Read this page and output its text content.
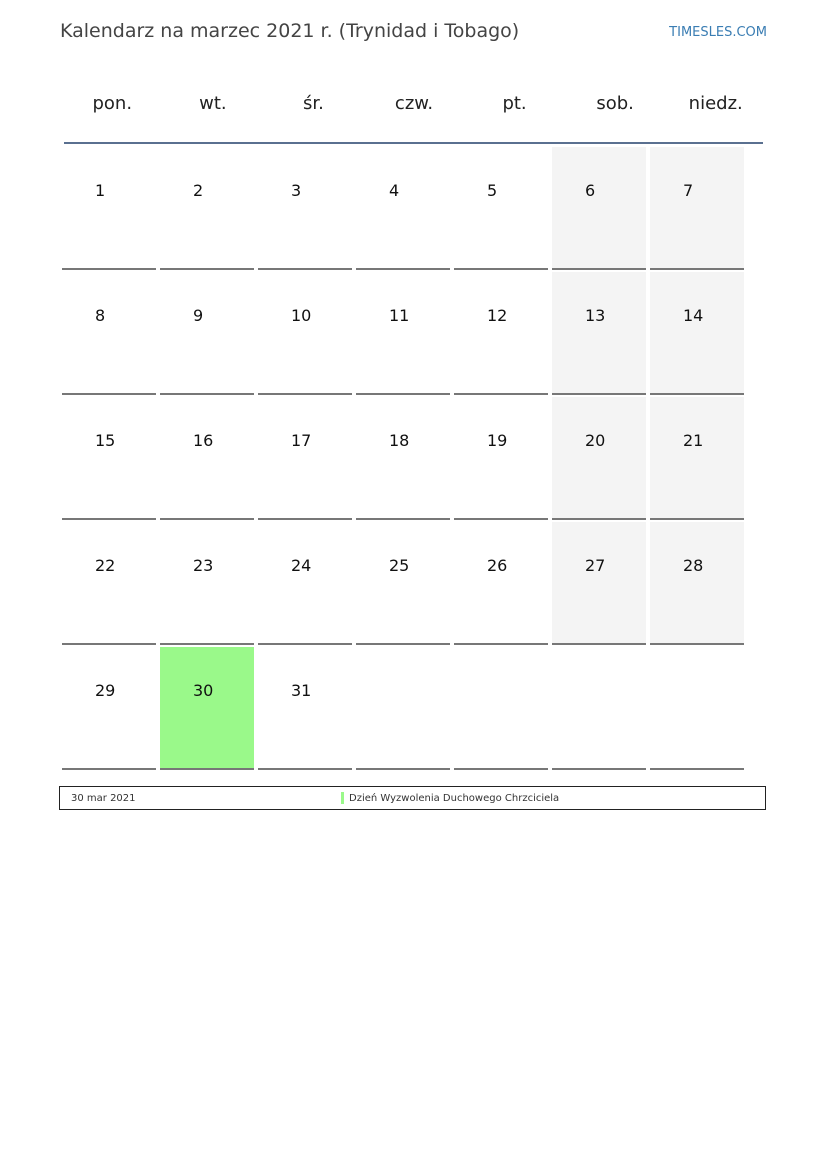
Kalendarz na marzec 2021 r. (Trynidad i Tobago)	TIMESLES.COM
pon.	wt.	śr.	czw.	pt.	sob.	niedz.
1	2	3	4	5	6	7
8	9	10	11	12	13	14
15	16	17	18	19	20	21
22	23	24	25	26	27	28
29	30	31
30 mar 2021	Dzień Wyzwolenia Duchowego Chrzciciela
